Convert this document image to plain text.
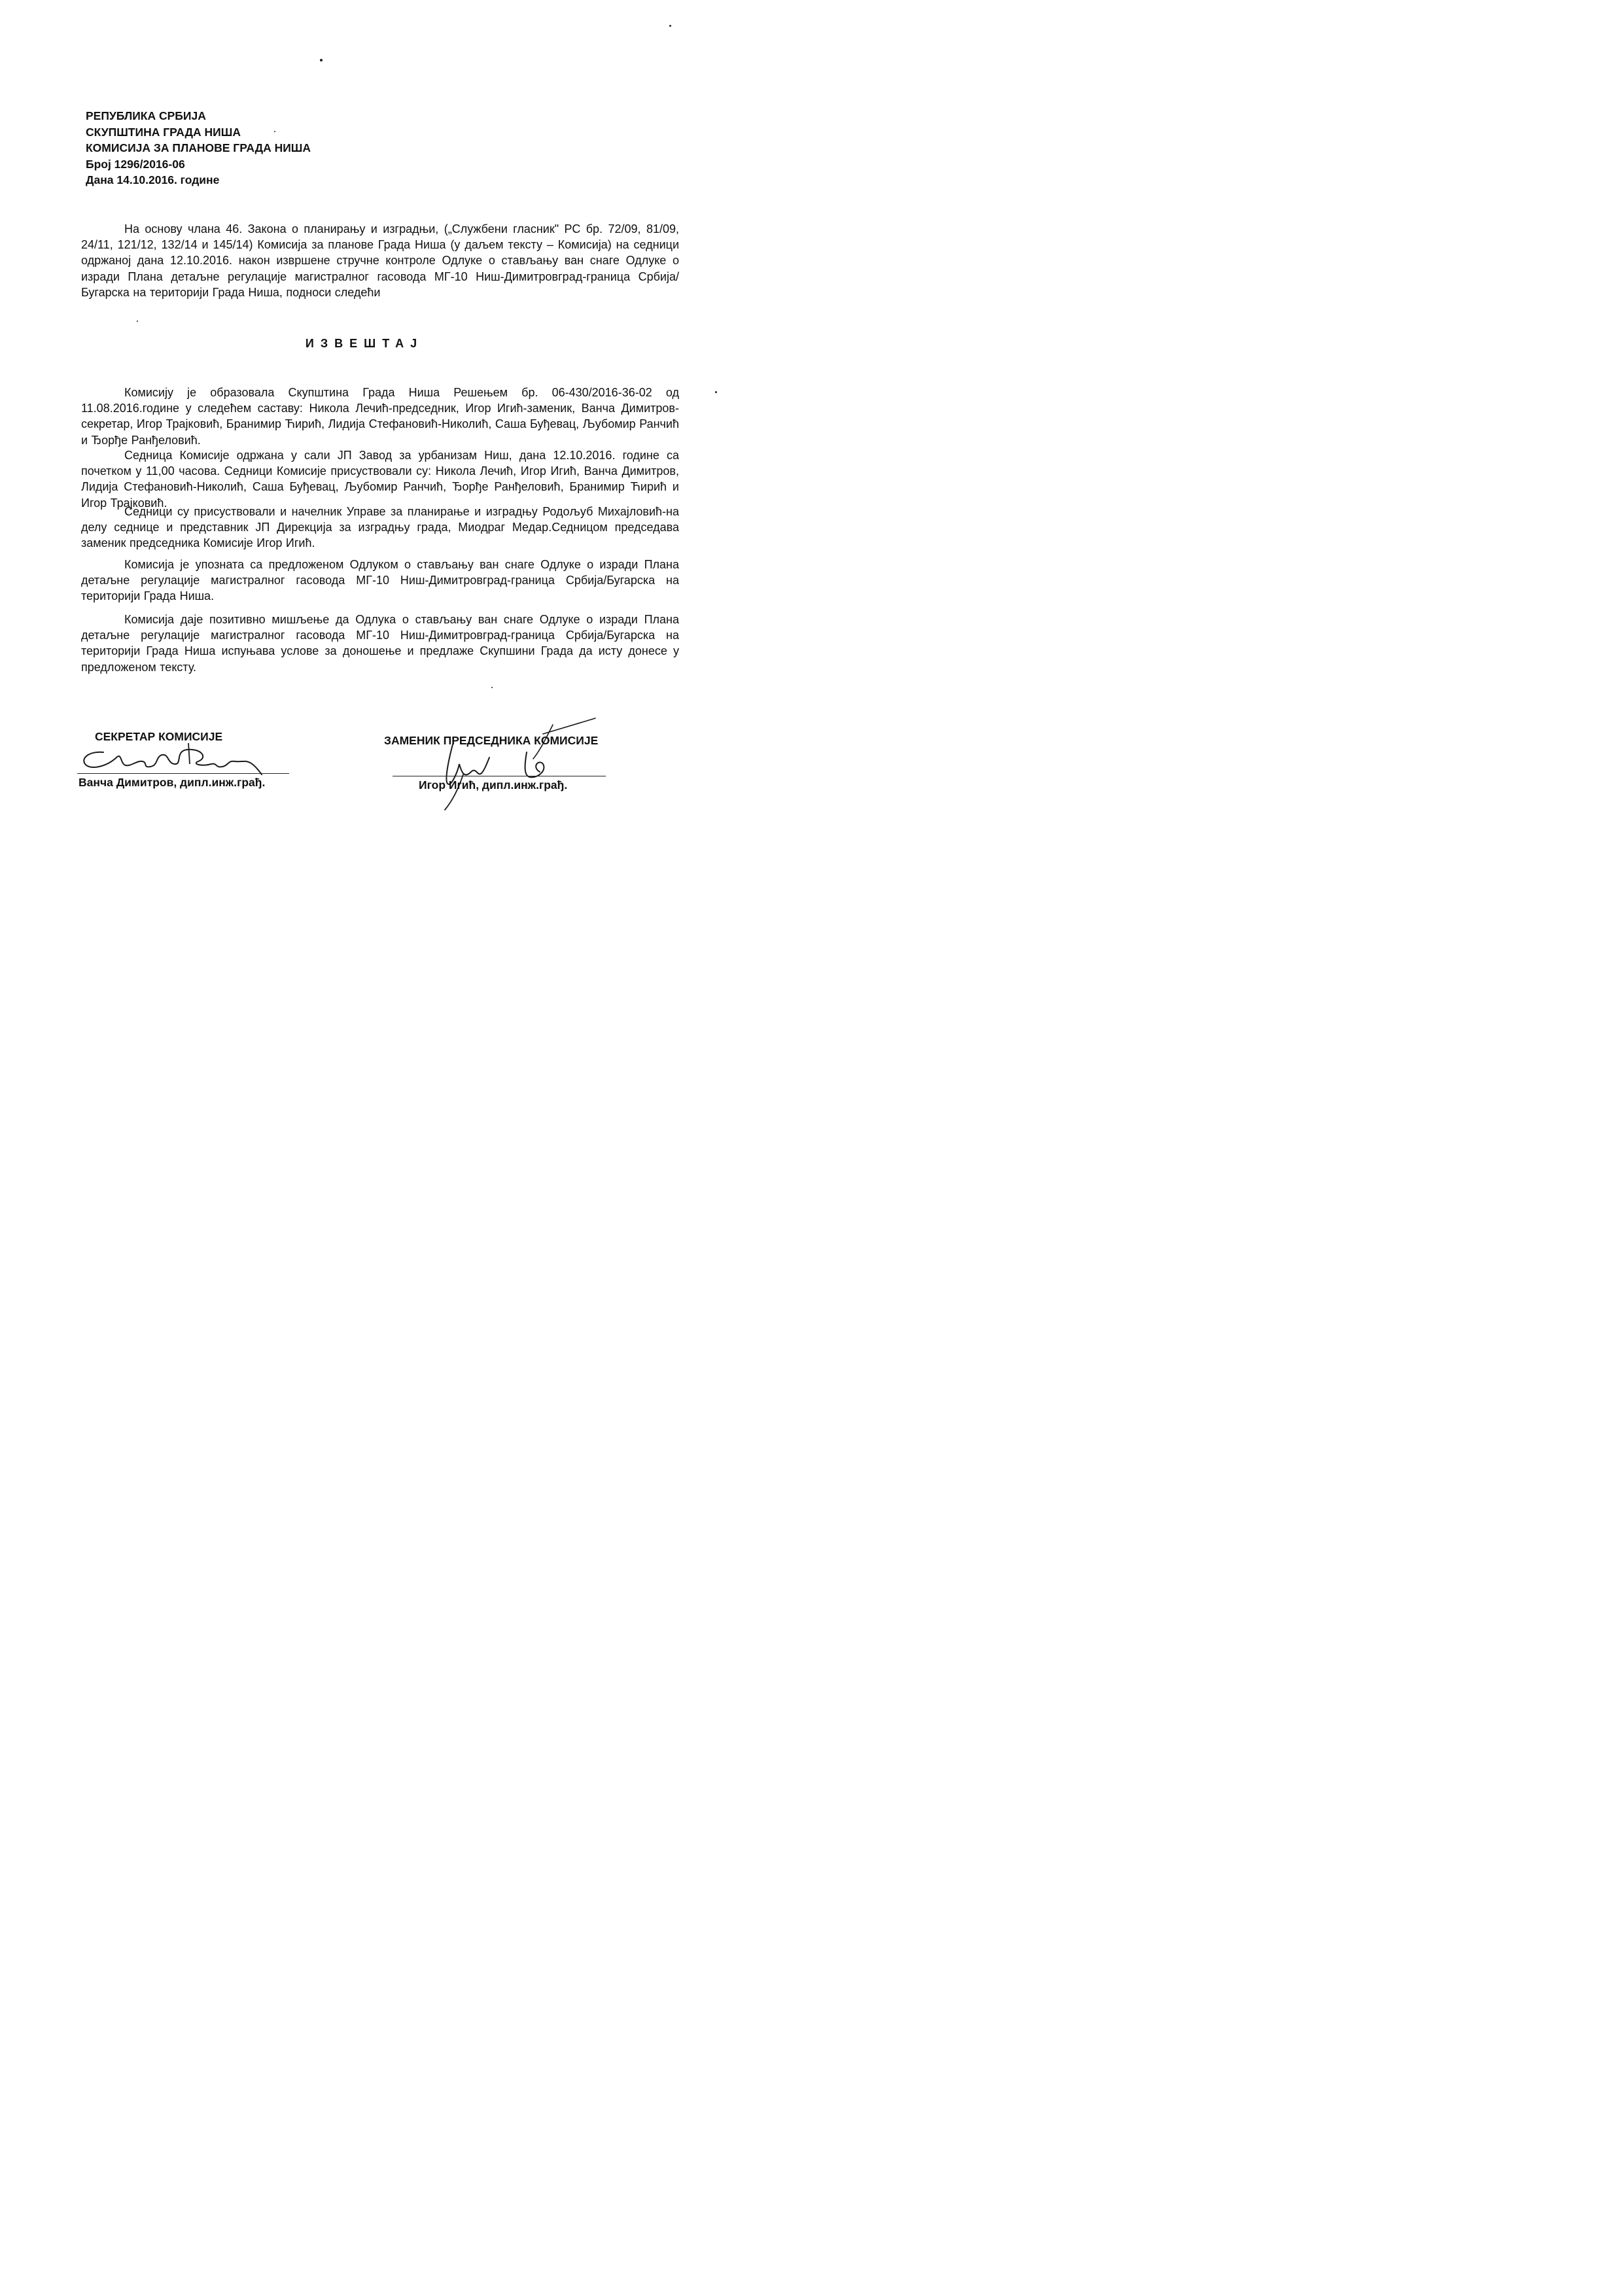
РЕПУБЛИКА СРБИЈА
СКУПШТИНА ГРАДА НИША
КОМИСИЈА ЗА ПЛАНОВЕ ГРАДА НИША
Број 1296/2016-06
Дана 14.10.2016. године
На основу члана 46. Закона о планирању и изградњи, („Службени гласник" РС бр. 72/09, 81/09, 24/11, 121/12, 132/14 и 145/14) Комисија за планове Града Ниша (у даљем тексту – Комисија) на седници одржаној дана 12.10.2016. након извршене стручне контроле Одлуке о стављању ван снаге Одлуке о изради Плана детаљне регулације магистралног гасовода МГ-10 Ниш-Димитровград-граница Србија/Бугарска на територији Града Ниша, подноси следећи
ИЗВЕШТАЈ
Комисију је образовала Скупштина Града Ниша Решењем бр. 06-430/2016-36-02 од 11.08.2016.године у следећем саставу: Никола Лечић-председник, Игор Игић-заменик, Ванча Димитров-секретар, Игор Трајковић, Бранимир Ћирић, Лидија Стефановић-Николић, Саша Буђевац, Љубомир Ранчић и Ђорђе Ранђеловић.
Седница Комисије одржана у сали ЈП Завод за урбанизам Ниш, дана 12.10.2016. године са почетком у 11,00 часова. Седници Комисије присуствовали су: Никола Лечић, Игор Игић, Ванча Димитров, Лидија Стефановић-Николић, Саша Буђевац, Љубомир Ранчић, Ђорђе Ранђеловић, Бранимир Ћирић и Игор Трајковић.
Седници су присуствовали и начелник Управе за планирање и изградњу Родољуб Михајловић-на делу седнице и представник ЈП Дирекција за изградњу града, Миодраг Медар.Седницом председава заменик председника Комисије Игор Игић.
Комисија је упозната са предложеном Одлуком о стављању ван снаге Одлуке о изради Плана детаљне регулације магистралног гасовода МГ-10 Ниш-Димитровград-граница Србија/Бугарска на територији Града Ниша.
Комисија даје позитивно мишљење да Одлука о стављању ван снаге Одлуке о изради Плана детаљне регулације магистралног гасовода МГ-10 Ниш-Димитровград-граница Србија/Бугарска на територији Града Ниша испуњава услове за доношење и предлаже Скупшини Града да исту донесе у предложеном тексту.
СЕКРЕТАР КОМИСИЈЕ
Ванча Димитров, дипл.инж.грађ.
ЗАМЕНИК ПРЕДСЕДНИКА КОМИСИЈЕ
Игор Игић, дипл.инж.грађ.
